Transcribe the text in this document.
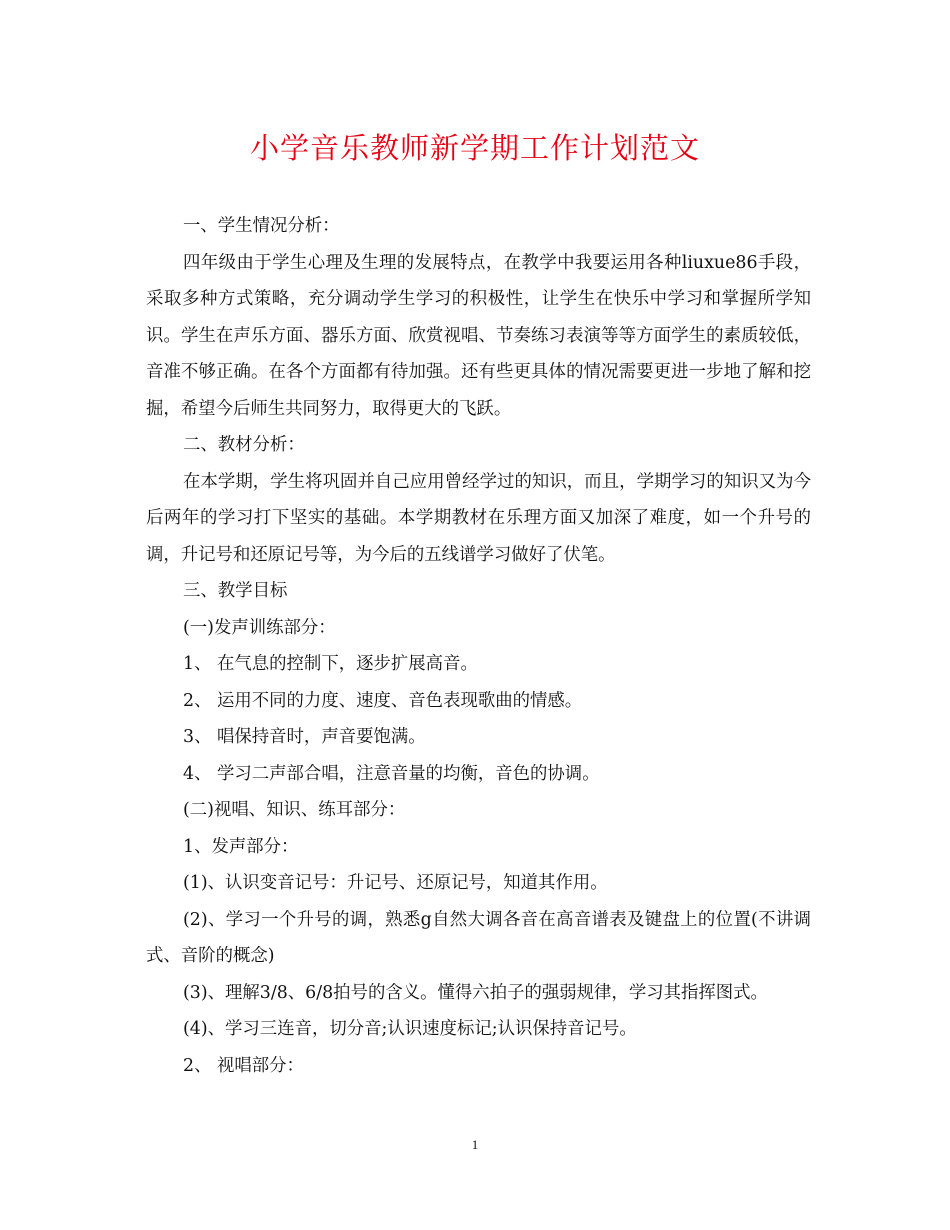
小学音乐教师新学期工作计划范文

一、学生情况分析：

四年级由于学生心理及生理的发展特点，在教学中我要运用各种liuxue86手段，采取多种方式策略，充分调动学生学习的积极性，让学生在快乐中学习和掌握所学知识。学生在声乐方面、器乐方面、欣赏视唱、节奏练习表演等等方面学生的素质较低，音准不够正确。在各个方面都有待加强。还有些更具体的情况需要更进一步地了解和挖掘，希望今后师生共同努力，取得更大的飞跃。

二、教材分析：

在本学期，学生将巩固并自己应用曾经学过的知识，而且，学期学习的知识又为今后两年的学习打下坚实的基础。本学期教材在乐理方面又加深了难度，如一个升号的调，升记号和还原记号等，为今后的五线谱学习做好了伏笔。

三、教学目标

(一)发声训练部分：

1、 在气息的控制下，逐步扩展高音。

2、 运用不同的力度、速度、音色表现歌曲的情感。

3、 唱保持音时，声音要饱满。

4、 学习二声部合唱，注意音量的均衡，音色的协调。

(二)视唱、知识、练耳部分：

1、发声部分：

(1)、认识变音记号：升记号、还原记号，知道其作用。

(2)、学习一个升号的调，熟悉g自然大调各音在高音谱表及键盘上的位置(不讲调式、音阶的概念)

(3)、理解3/8、6/8拍号的含义。懂得六拍子的强弱规律，学习其指挥图式。

(4)、学习三连音，切分音;认识速度标记;认识保持音记号。

2、 视唱部分：

1
